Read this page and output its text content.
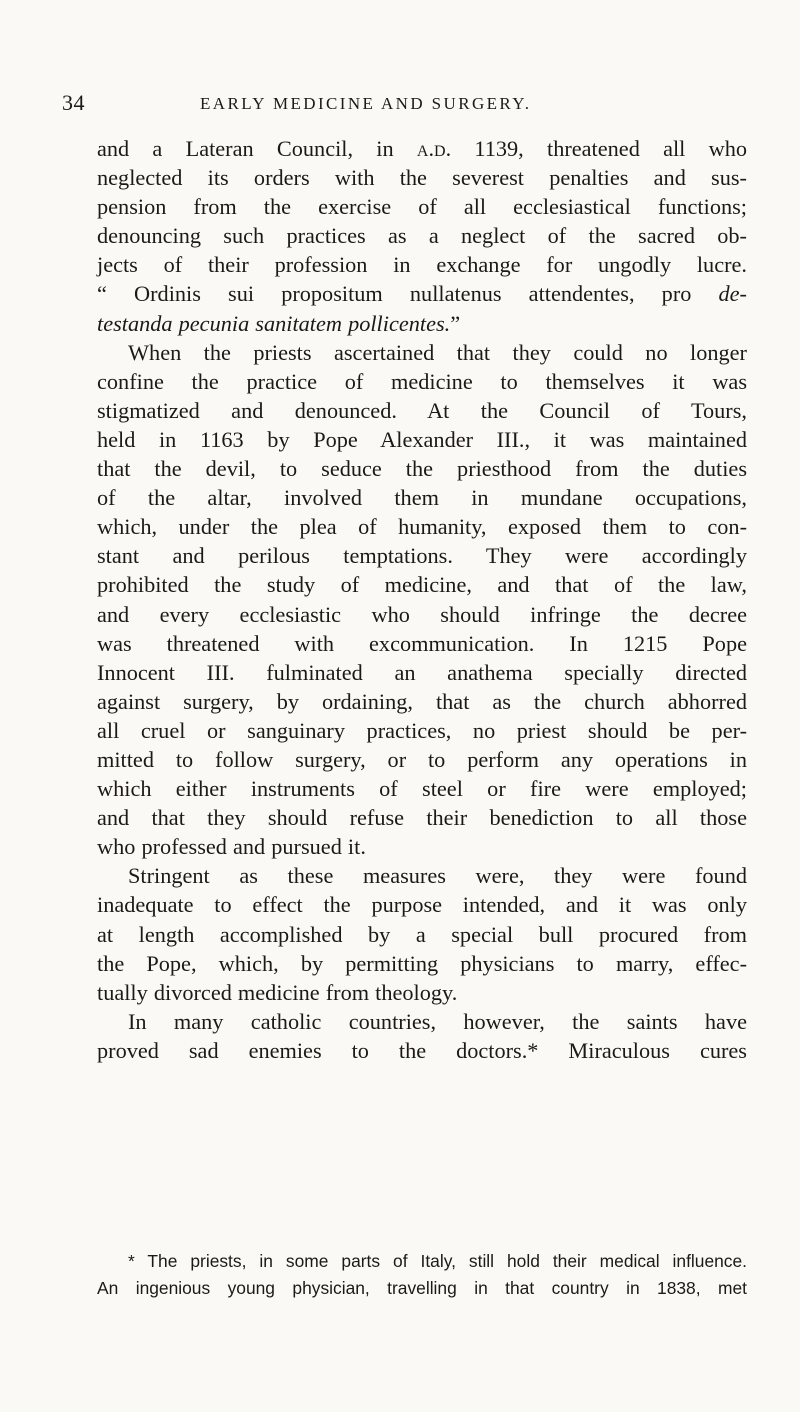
34	EARLY MEDICINE AND SURGERY.
and a Lateran Council, in a.d. 1139, threatened all who
neglected its orders with the severest penalties and sus-
pension from the exercise of all ecclesiastical functions;
denouncing such practices as a neglect of the sacred ob-
jects of their profession in exchange for ungodly lucre.
“ Ordinis sui propositum nullatenus attendentes, pro de-
testanda pecunia sanitatem pollicentes.”
When the priests ascertained that they could no longer
confine the practice of medicine to themselves it was
stigmatized and denounced. At the Council of Tours,
held in 1163 by Pope Alexander III., it was maintained
that the devil, to seduce the priesthood from the duties
of the altar, involved them in mundane occupations,
which, under the plea of humanity, exposed them to con-
stant and perilous temptations. They were accordingly
prohibited the study of medicine, and that of the law,
and every ecclesiastic who should infringe the decree
was threatened with excommunication. In 1215 Pope
Innocent III. fulminated an anathema specially directed
against surgery, by ordaining, that as the church abhorred
all cruel or sanguinary practices, no priest should be per-
mitted to follow surgery, or to perform any operations in
which either instruments of steel or fire were employed;
and that they should refuse their benediction to all those
who professed and pursued it.
Stringent as these measures were, they were found
inadequate to effect the purpose intended, and it was only
at length accomplished by a special bull procured from
the Pope, which, by permitting physicians to marry, effec-
tually divorced medicine from theology.
In many catholic countries, however, the saints have
proved sad enemies to the doctors.* Miraculous cures
* The priests, in some parts of Italy, still hold their medical influence.
An ingenious young physician, travelling in that country in 1838, met
